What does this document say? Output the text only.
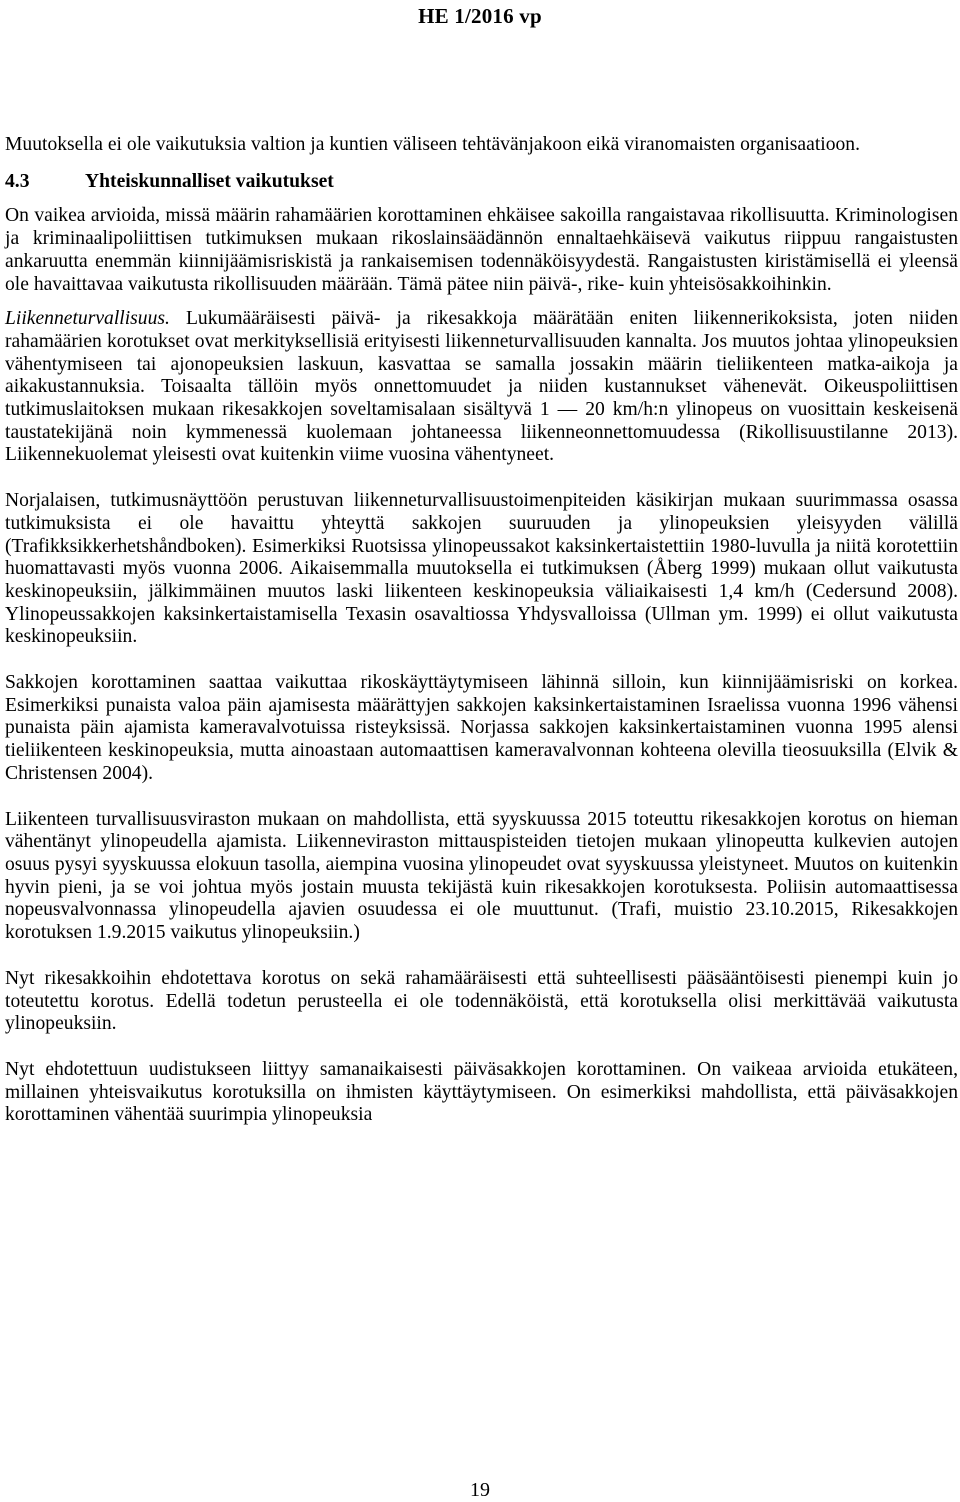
HE 1/2016 vp

Muutoksella ei ole vaikutuksia valtion ja kuntien väliseen tehtävänjakoon eikä viranomaisten organisaatioon.

4.3	Yhteiskunnalliset vaikutukset

On vaikea arvioida, missä määrin rahamäärien korottaminen ehkäisee sakoilla rangaistavaa rikollisuutta. Kriminologisen ja kriminaalipoliittisen tutkimuksen mukaan rikoslainsäädännön ennaltaehkäisevä vaikutus riippuu rangaistusten ankaruutta enemmän kiinnijäämisriskistä ja rankaisemisen todennäköisyydestä. Rangaistusten kiristämisellä ei yleensä ole havaittavaa vaikutusta rikollisuuden määrään. Tämä pätee niin päivä-, rike- kuin yhteisösakkoihinkin.

Liikenneturvallisuus. Lukumääräisesti päivä- ja rikesakkoja määrätään eniten liikennerikoksista, joten niiden rahamäärien korotukset ovat merkityksellisiä erityisesti liikenneturvallisuuden kannalta. Jos muutos johtaa ylinopeuksien vähentymiseen tai ajonopeuksien laskuun, kasvattaa se samalla jossakin määrin tieliikenteen matka-aikoja ja aikakustannuksia. Toisaalta tällöin myös onnettomuudet ja niiden kustannukset vähenevät. Oikeuspoliittisen tutkimuslaitoksen mukaan rikesakkojen soveltamisalaan sisältyvä 1 — 20 km/h:n ylinopeus on vuosittain keskeisenä taustatekijänä noin kymmenessä kuolemaan johtaneessa liikenneonnettomuudessa (Rikollisuustilanne 2013). Liikennekuolemat yleisesti ovat kuitenkin viime vuosina vähentyneet.

Norjalaisen, tutkimusnäyttöön perustuvan liikenneturvallisuustoimenpiteiden käsikirjan mukaan suurimmassa osassa tutkimuksista ei ole havaittu yhteyttä sakkojen suuruuden ja ylinopeuksien yleisyyden välillä (Trafikksikkerhetshåndboken). Esimerkiksi Ruotsissa ylinopeussakot kaksinkertaistettiin 1980-luvulla ja niitä korotettiin huomattavasti myös vuonna 2006. Aikaisemmalla muutoksella ei tutkimuksen (Åberg 1999) mukaan ollut vaikutusta keskinopeuksiin, jälkimmäinen muutos laski liikenteen keskinopeuksia väliaikaisesti 1,4 km/h (Cedersund 2008). Ylinopeussakkojen kaksinkertaistamisella Texasin osavaltiossa Yhdysvalloissa (Ullman ym. 1999) ei ollut vaikutusta keskinopeuksiin.

Sakkojen korottaminen saattaa vaikuttaa rikoskäyttäytymiseen lähinnä silloin, kun kiinnijäämisriski on korkea. Esimerkiksi punaista valoa päin ajamisesta määrättyjen sakkojen kaksinkertaistaminen Israelissa vuonna 1996 vähensi punaista päin ajamista kameravalvotuissa risteyksissä. Norjassa sakkojen kaksinkertaistaminen vuonna 1995 alensi tieliikenteen keskinopeuksia, mutta ainoastaan automaattisen kameravalvonnan kohteena olevilla tieosuuksilla (Elvik & Christensen 2004).

Liikenteen turvallisuusviraston mukaan on mahdollista, että syyskuussa 2015 toteuttu rikesakkojen korotus on hieman vähentänyt ylinopeudella ajamista. Liikenneviraston mittauspisteiden tietojen mukaan ylinopeutta kulkevien autojen osuus pysyi syyskuussa elokuun tasolla, aiempina vuosina ylinopeudet ovat syyskuussa yleistyneet. Muutos on kuitenkin hyvin pieni, ja se voi johtua myös jostain muusta tekijästä kuin rikesakkojen korotuksesta. Poliisin automaattisessa nopeusvalvonnassa ylinopeudella ajavien osuudessa ei ole muuttunut. (Trafi, muistio 23.10.2015, Rikesakkojen korotuksen 1.9.2015 vaikutus ylinopeuksiin.)

Nyt rikesakkoihin ehdotettava korotus on sekä rahamääräisesti että suhteellisesti pääsääntöisesti pienempi kuin jo toteutettu korotus. Edellä todetun perusteella ei ole todennäköistä, että korotuksella olisi merkittävää vaikutusta ylinopeuksiin.

Nyt ehdotettuun uudistukseen liittyy samanaikaisesti päiväsakkojen korottaminen. On vaikeaa arvioida etukäteen, millainen yhteisvaikutus korotuksilla on ihmisten käyttäytymiseen. On esimerkiksi mahdollista, että päiväsakkojen korottaminen vähentää suurimpia ylinopeuksia

19
